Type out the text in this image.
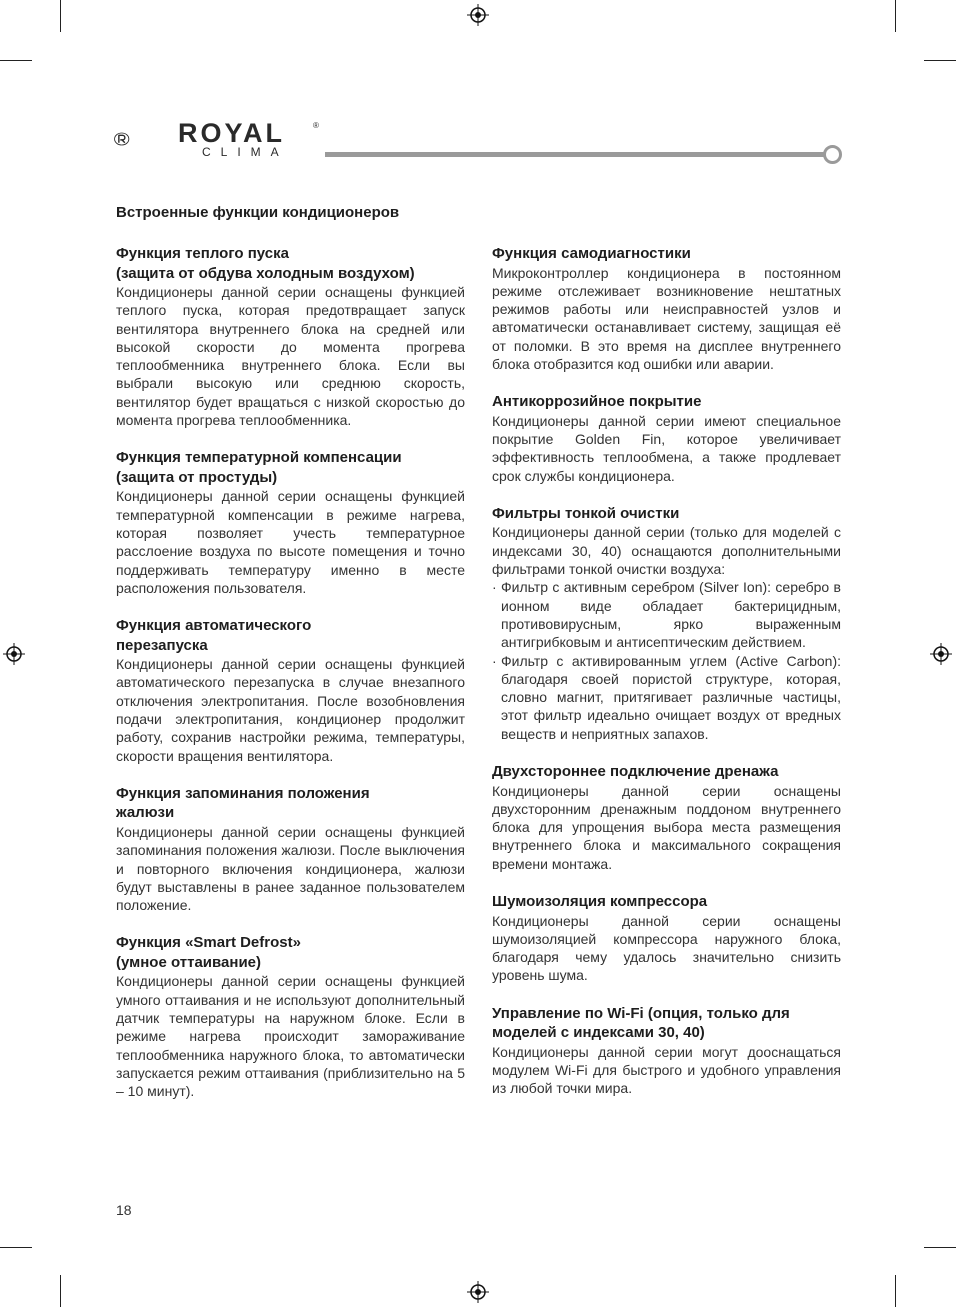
ROYAL	®
CLIMA
Встроенные функции кондиционеров
Функция теплого пуска
(защита от обдува холодным воздухом)

Кондиционеры данной серии оснащены функцией теплого пуска, которая предотвращает запуск вентилятора внутреннего блока на средней или высокой скорости до момента прогрева теплообменника внутреннего блока. Если вы выбрали высокую или среднюю скорость, вентилятор будет вращаться с низкой скоростью до момента прогрева теплообменника.

Функция температурной компенсации
(защита от простуды)

Кондиционеры данной серии оснащены функцией температурной компенсации в режиме нагрева, которая позволяет учесть температурное расслоение воздуха по высоте помещения и точно поддерживать температуру именно в месте расположения пользователя.

Функция автоматического
перезапуска

Кондиционеры данной серии оснащены функцией автоматического перезапуска в случае внезапного отключения электропитания. После возобновления подачи электропитания, кондиционер продолжит работу, сохранив настройки режима, температуры, скорости вращения вентилятора.

Функция запоминания положения
жалюзи

Кондиционеры данной серии оснащены функцией запоминания положения жалюзи. После выключения и повторного включения кондиционера, жалюзи будут выставлены в ранее заданное пользователем положение.

Функция «Smart Defrost»
(умное оттаивание)

Кондиционеры данной серии оснащены функцией умного оттаивания и не используют дополнительный датчик температуры на наружном блоке. Если в режиме нагрева происходит замораживание теплообменника наружного блока, то автоматически запускается режим оттаивания (приблизительно на 5 – 10 минут).

Функция самодиагностики

Микроконтроллер кондиционера в постоянном режиме отслеживает возникновение нештатных режимов работы или неисправностей узлов и автоматически останавливает систему, защищая её от поломки. В это время на дисплее внутреннего блока отобразится код ошибки или аварии.

Антикоррозийное покрытие

Кондиционеры данной серии имеют специальное покрытие Golden Fin, которое увеличивает эффективность теплообмена, а также продлевает срок службы кондиционера.

Фильтры тонкой очистки

Кондиционеры данной серии (только для моделей с индексами 30, 40) оснащаются дополнительными фильтрами тонкой очистки воздуха:

· Фильтр с активным серебром (Silver Ion): серебро в ионном виде обладает бактерицидным, противовирусным, ярко выраженным антигрибковым и антисептическим действием.
· Фильтр с активированным углем (Active Carbon): благодаря своей пористой структуре, которая, словно магнит, притягивает различные частицы, этот фильтр идеально очищает воздух от вредных веществ и неприятных запахов.
Двухстороннее подключение дренажа

Кондиционеры данной серии оснащены двухсторонним дренажным поддоном внутреннего блока для упрощения выбора места размещения внутреннего блока и максимального сокращения времени монтажа.

Шумоизоляция компрессора

Кондиционеры данной серии оснащены шумоизоляцией компрессора наружного блока, благодаря чему удалось значительно снизить уровень шума.

Управление по Wi-Fi (опция, только для моделей с индексами 30, 40)

Кондиционеры данной серии могут дооснащаться модулем Wi-Fi для быстрого и удобного управления из любой точки мира.

18
